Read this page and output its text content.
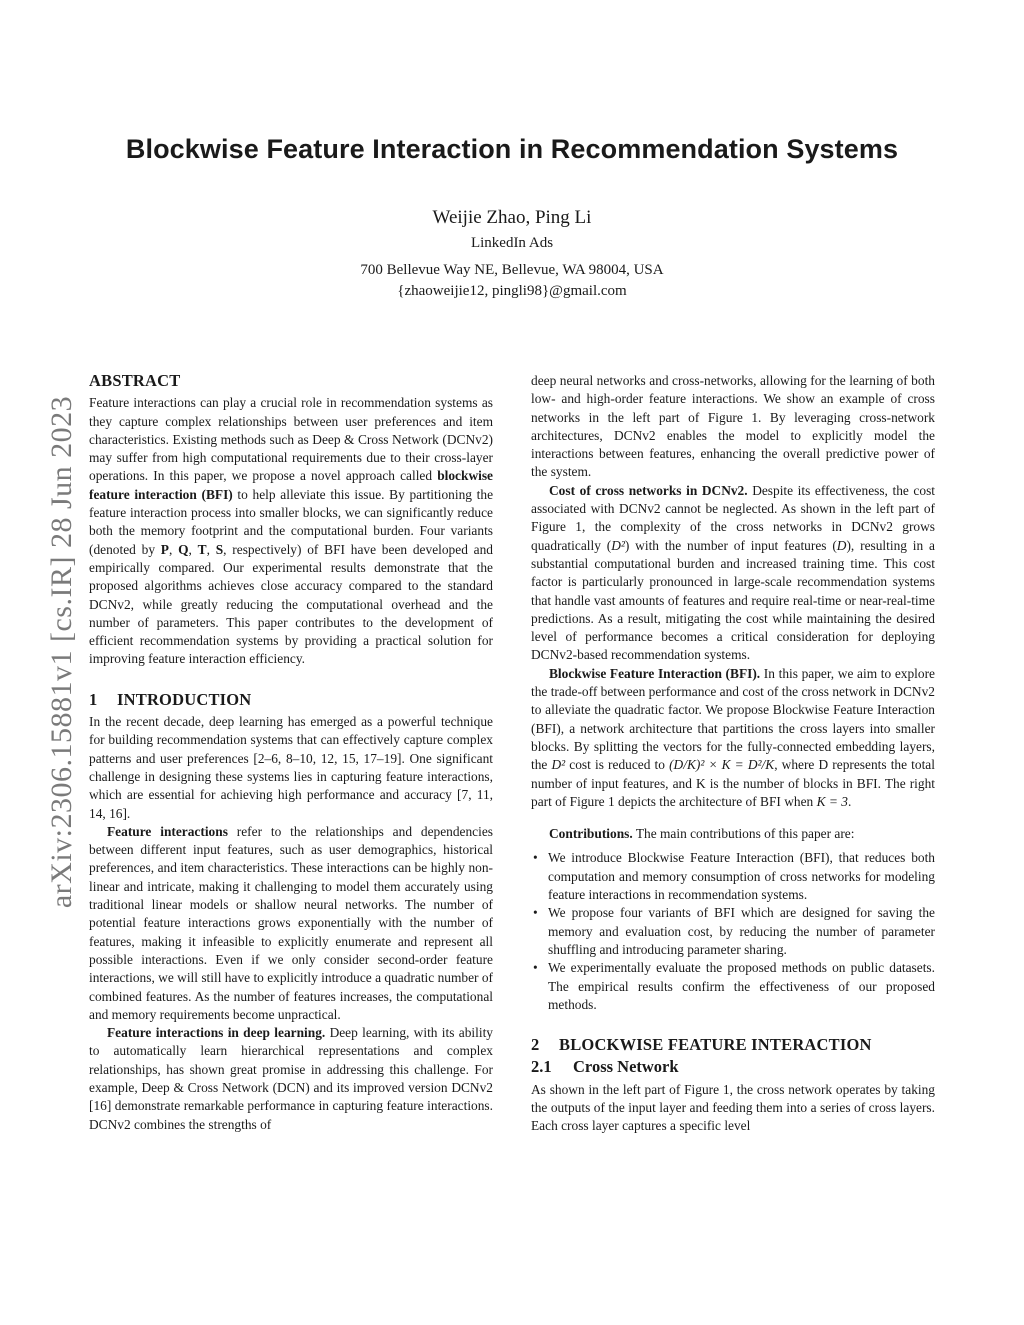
arXiv:2306.15881v1 [cs.IR] 28 Jun 2023
Blockwise Feature Interaction in Recommendation Systems
Weijie Zhao, Ping Li
LinkedIn Ads
700 Bellevue Way NE, Bellevue, WA 98004, USA
{zhaoweijie12, pingli98}@gmail.com
ABSTRACT

Feature interactions can play a crucial role in recommendation systems as they capture complex relationships between user preferences and item characteristics. Existing methods such as Deep & Cross Network (DCNv2) may suffer from high computational requirements due to their cross-layer operations. In this paper, we propose a novel approach called blockwise feature interaction (BFI) to help alleviate this issue. By partitioning the feature interaction process into smaller blocks, we can significantly reduce both the memory footprint and the computational burden. Four variants (denoted by P, Q, T, S, respectively) of BFI have been developed and empirically compared. Our experimental results demonstrate that the proposed algorithms achieves close accuracy compared to the standard DCNv2, while greatly reducing the computational overhead and the number of parameters. This paper contributes to the development of efficient recommendation systems by providing a practical solution for improving feature interaction efficiency.

1 INTRODUCTION

In the recent decade, deep learning has emerged as a powerful technique for building recommendation systems that can effectively capture complex patterns and user preferences [2–6, 8–10, 12, 15, 17–19]. One significant challenge in designing these systems lies in capturing feature interactions, which are essential for achieving high performance and accuracy [7, 11, 14, 16].

Feature interactions refer to the relationships and dependencies between different input features, such as user demographics, historical preferences, and item characteristics. These interactions can be highly non-linear and intricate, making it challenging to model them accurately using traditional linear models or shallow neural networks. The number of potential feature interactions grows exponentially with the number of features, making it infeasible to explicitly enumerate and represent all possible interactions. Even if we only consider second-order feature interactions, we will still have to explicitly introduce a quadratic number of combined features. As the number of features increases, the computational and memory requirements become unpractical.

Feature interactions in deep learning. Deep learning, with its ability to automatically learn hierarchical representations and complex relationships, has shown great promise in addressing this challenge. For example, Deep & Cross Network (DCN) and its improved version DCNv2 [16] demonstrate remarkable performance in capturing feature interactions. DCNv2 combines the strengths of

deep neural networks and cross-networks, allowing for the learning of both low- and high-order feature interactions. We show an example of cross networks in the left part of Figure 1. By leveraging cross-network architectures, DCNv2 enables the model to explicitly model the interactions between features, enhancing the overall predictive power of the system.

Cost of cross networks in DCNv2. Despite its effectiveness, the cost associated with DCNv2 cannot be neglected. As shown in the left part of Figure 1, the complexity of the cross networks in DCNv2 grows quadratically (D²) with the number of input features (D), resulting in a substantial computational burden and increased training time. This cost factor is particularly pronounced in large-scale recommendation systems that handle vast amounts of features and require real-time or near-real-time predictions. As a result, mitigating the cost while maintaining the desired level of performance becomes a critical consideration for deploying DCNv2-based recommendation systems.

Blockwise Feature Interaction (BFI). In this paper, we aim to explore the trade-off between performance and cost of the cross network in DCNv2 to alleviate the quadratic factor. We propose Blockwise Feature Interaction (BFI), a network architecture that partitions the cross layers into smaller blocks. By splitting the vectors for the fully-connected embedding layers, the D² cost is reduced to (D/K)² × K = D²/K, where D represents the total number of input features, and K is the number of blocks in BFI. The right part of Figure 1 depicts the architecture of BFI when K = 3.

Contributions. The main contributions of this paper are:

• We introduce Blockwise Feature Interaction (BFI), that reduces both computation and memory consumption of cross networks for modeling feature interactions in recommendation systems.
• We propose four variants of BFI which are designed for saving the memory and evaluation cost, by reducing the number of parameter shuffling and introducing parameter sharing.
• We experimentally evaluate the proposed methods on public datasets. The empirical results confirm the effectiveness of our proposed methods.
2 BLOCKWISE FEATURE INTERACTION
2.1 Cross Network

As shown in the left part of Figure 1, the cross network operates by taking the outputs of the input layer and feeding them into a series of cross layers. Each cross layer captures a specific level
